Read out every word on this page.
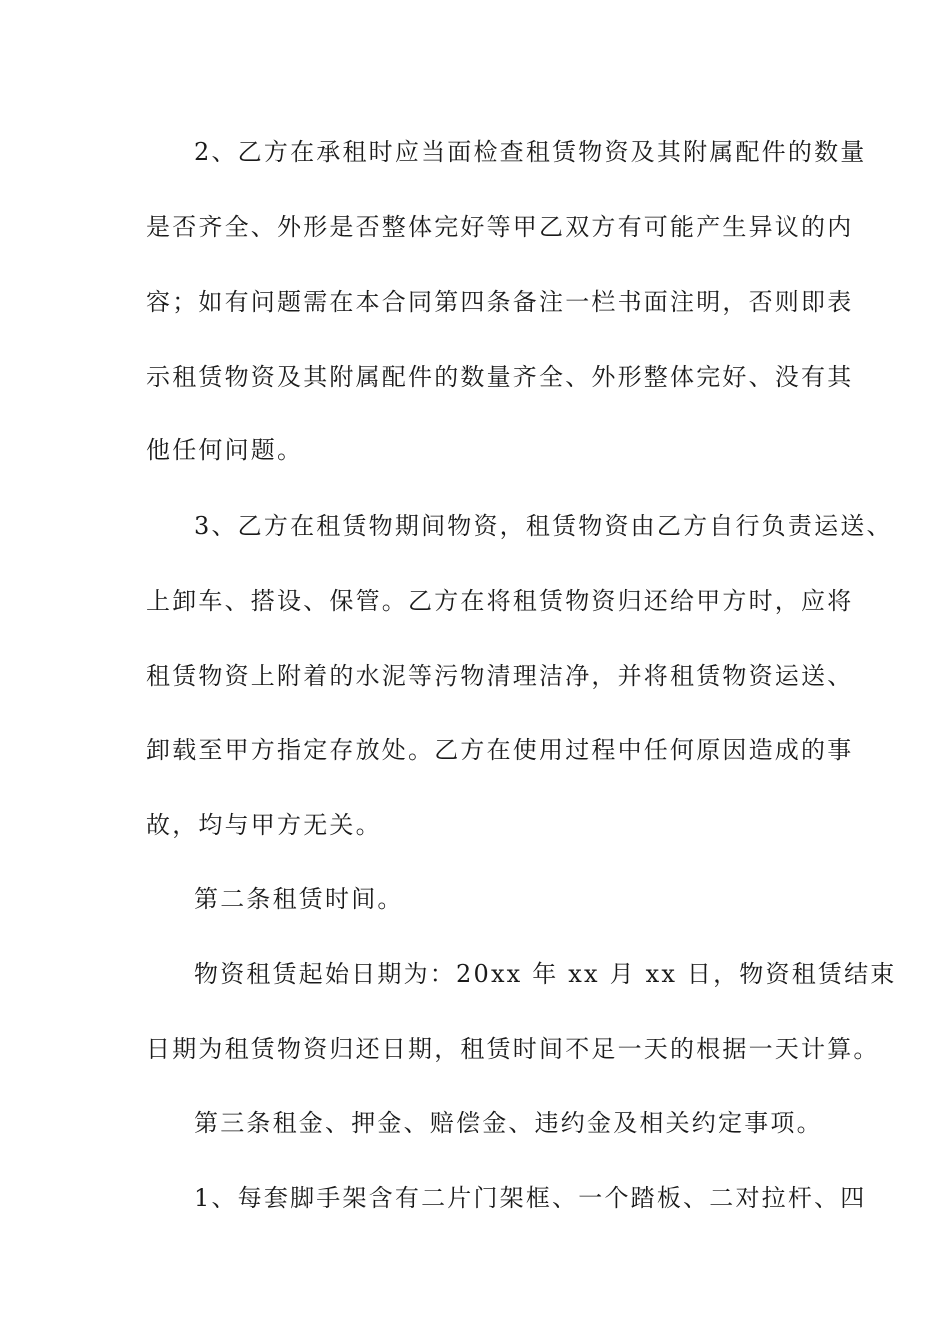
2、乙方在承租时应当面检查租赁物资及其附属配件的数量
是否齐全、外形是否整体完好等甲乙双方有可能产生异议的内
容；如有问题需在本合同第四条备注一栏书面注明，否则即表
示租赁物资及其附属配件的数量齐全、外形整体完好、没有其
他任何问题。
3、乙方在租赁物期间物资，租赁物资由乙方自行负责运送、
上卸车、搭设、保管。乙方在将租赁物资归还给甲方时，应将
租赁物资上附着的水泥等污物清理洁净，并将租赁物资运送、
卸载至甲方指定存放处。乙方在使用过程中任何原因造成的事
故，均与甲方无关。
第二条租赁时间。
物资租赁起始日期为：20xx 年 xx 月 xx 日，物资租赁结束
日期为租赁物资归还日期，租赁时间不足一天的根据一天计算。
第三条租金、押金、赔偿金、违约金及相关约定事项。
1、每套脚手架含有二片门架框、一个踏板、二对拉杆、四
